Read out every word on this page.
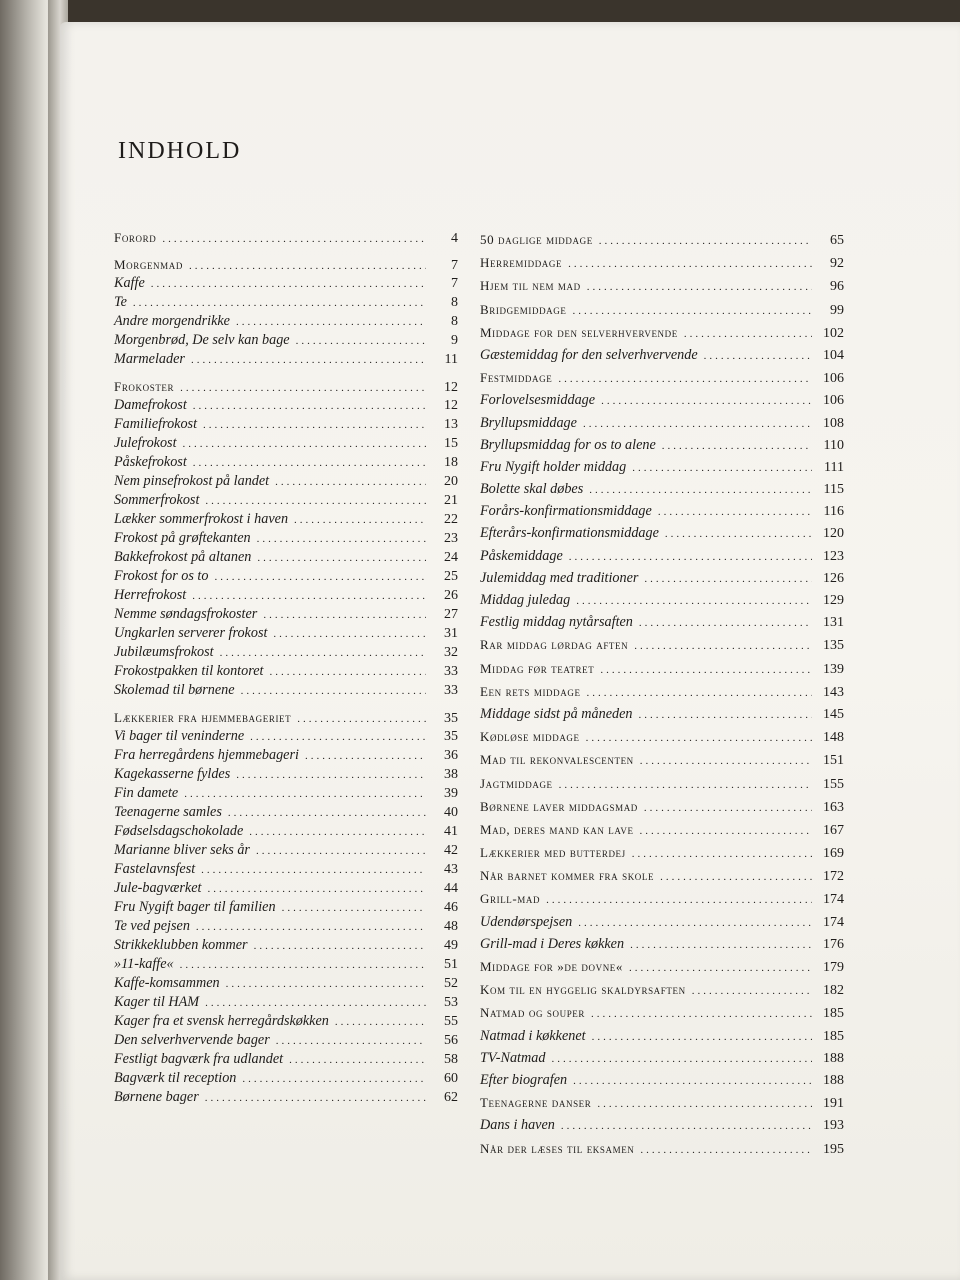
INDHOLD
Forord .....	4
Morgenmad .....	7
Kaffe .....	7
Te .....	8
Andre morgendrikke .....	8
Morgenbrød, De selv kan bage .....	9
Marmelader .....	11
Frokoster .....	12
Damefrokost .....	12
Familiefrokost .....	13
Julefrokost .....	15
Påskefrokost .....	18
Nem pinsefrokost på landet .....	20
Sommerfrokost .....	21
Lækker sommerfrokost i haven .....	22
Frokost på grøftekanten .....	23
Bakkefrokost på altanen .....	24
Frokost for os to .....	25
Herrefrokost .....	26
Nemme søndagsfrokoster .....	27
Ungkarlen serverer frokost .....	31
Jubilæumsfrokost .....	32
Frokostpakken til kontoret .....	33
Skolemad til børnene .....	33
Lækkerier fra hjemmebageriet .....	35
Vi bager til veninderne .....	35
Fra herregårdens hjemmebageri .....	36
Kagekasserne fyldes .....	38
Fin damete .....	39
Teenagerne samles .....	40
Fødselsdagschokolade .....	41
Marianne bliver seks år .....	42
Fastelavnsfest .....	43
Jule-bagværket .....	44
Fru Nygift bager til familien .....	46
Te ved pejsen .....	48
Strikkeklubben kommer .....	49
»11-kaffe« .....	51
Kaffe-komsammen .....	52
Kager til HAM .....	53
Kager fra et svensk herregårdskøkken .....	55
Den selverhvervende bager .....	56
Festligt bagværk fra udlandet .....	58
Bagværk til reception .....	60
Børnene bager .....	62
50 daglige middage .....	65
Herremiddage .....	92
Hjem til nem mad .....	96
Bridgemiddage .....	99
Middage for den selverhvervende .....	102
Gæstemiddag for den selverhvervende .....	104
Festmiddage .....	106
Forlovelsesmiddage .....	106
Bryllupsmiddage .....	108
Bryllupsmiddag for os to alene .....	110
Fru Nygift holder middag .....	111
Bolette skal døbes .....	115
Forårs-konfirmationsmiddage .....	116
Efterårs-konfirmationsmiddage .....	120
Påskemiddage .....	123
Julemiddag med traditioner .....	126
Middag juledag .....	129
Festlig middag nytårsaften .....	131
Rar middag lørdag aften .....	135
Middag før teatret .....	139
Een rets middage .....	143
Middage sidst på måneden .....	145
Kødløse middage .....	148
Mad til rekonvalescenten .....	151
Jagtmiddage .....	155
Børnene laver middagsmad .....	163
Mad, deres mand kan lave .....	167
Lækkerier med butterdej .....	169
Når barnet kommer fra skole .....	172
Grill-mad .....	174
Udendørspejsen .....	174
Grill-mad i Deres køkken .....	176
Middage for »de dovne« .....	179
Kom til en hyggelig skaldyrsaften .....	182
Natmad og souper .....	185
Natmad i køkkenet .....	185
TV-Natmad .....	188
Efter biografen .....	188
Teenagerne danser .....	191
Dans i haven .....	193
Når der læses til eksamen .....	195
